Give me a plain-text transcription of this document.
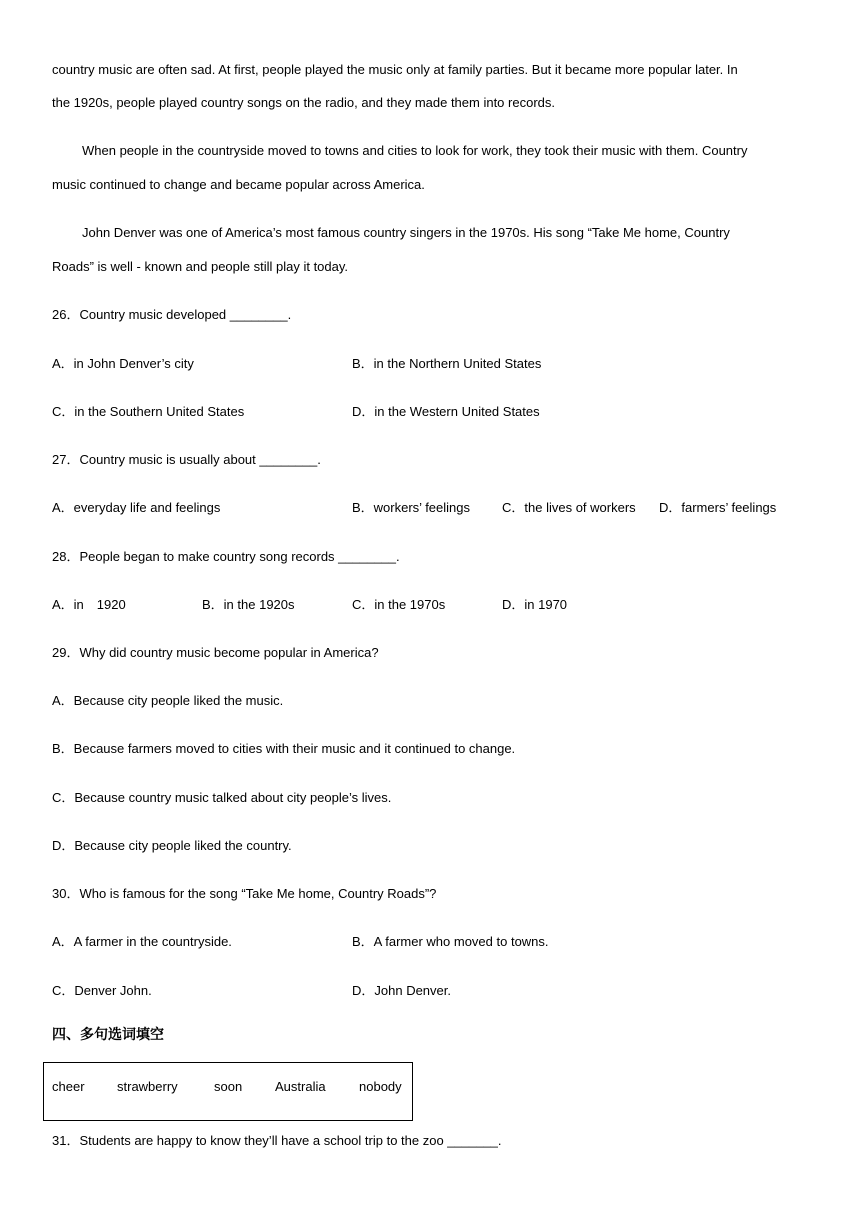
country music are often sad. At first, people played the music only at family parties. But it became more popular later. In
the 1920s, people played country songs on the radio, and they made them into records.
When people in the countryside moved to towns and cities to look for work, they took their music with them. Country
music continued to change and became popular across America.
John Denver was one of America’s most famous country singers in the 1970s. His song “Take Me home, Country
Roads” is well - known and people still play it today.
26．Country music developed ________.
A．in John Denver’s city	B．in the Northern United States
C．in the Southern United States	D．in the Western United States
27．Country music is usually about ________.
A．everyday life and feelings	B．workers’ feelings C．the lives of workers D．farmers’ feelings
28．People began to make country song records ________.
A．in　1920	B．in the 1920s	C．in the 1970s	D．in 1970
29．Why did country music become popular in America?
A．Because city people liked the music.
B．Because farmers moved to cities with their music and it continued to change.
C．Because country music talked about city people’s lives.
D．Because city people liked the country.
30．Who is famous for the song “Take Me home, Country Roads”?
A．A farmer in the countryside.	B．A farmer who moved to towns.
C．Denver John.	D．John Denver.
四、多句选词填空
cheer strawberry	soon	Australia	nobody
31．Students are happy to know they’ll have a school trip to the zoo _______.
